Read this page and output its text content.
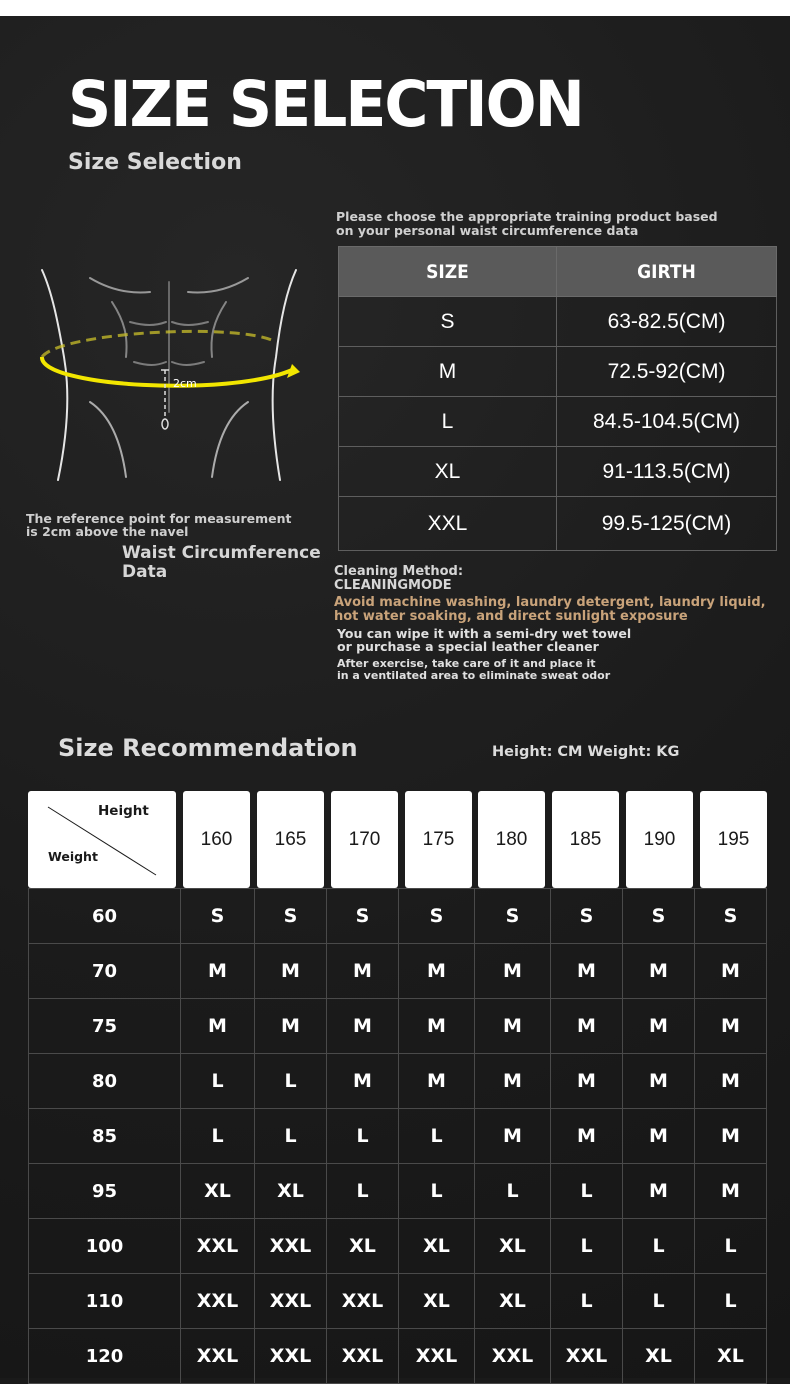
SIZE SELECTION
Size Selection
Please choose the appropriate training product based
on your personal waist circumference data
SIZE	GIRTH
S	63-82.5(CM)
M	72.5-92(CM)
L	84.5-104.5(CM)
XL	91-113.5(CM)
XXL	99.5-125(CM)
2cm
The reference point for measurement
is 2cm above the navel
Waist Circumference
Data	Cleaning Method:
CLEANINGMODE
Avoid machine washing, laundry detergent, laundry liquid,
hot water soaking, and direct sunlight exposure
You can wipe it with a semi-dry wet towel
or purchase a special leather cleaner
After exercise, take care of it and place it
in a ventilated area to eliminate sweat odor
Size Recommendation	Height: CM Weight: KG
Height
Weight
160	165	170	175	180	185	190	195
60	S	S	S	S	S	S	S	S
70	M	M	M	M	M	M	M	M
75	M	M	M	M	M	M	M	M
80	L	L	M	M	M	M	M	M
85	L	L	L	L	M	M	M	M
95	XL	XL	L	L	L	L	M	M
100	XXL	XXL	XL	XL	XL	L	L	L
110	XXL	XXL	XXL	XL	XL	L	L	L
120	XXL	XXL	XXL	XXL	XXL	XXL	XL	XL
